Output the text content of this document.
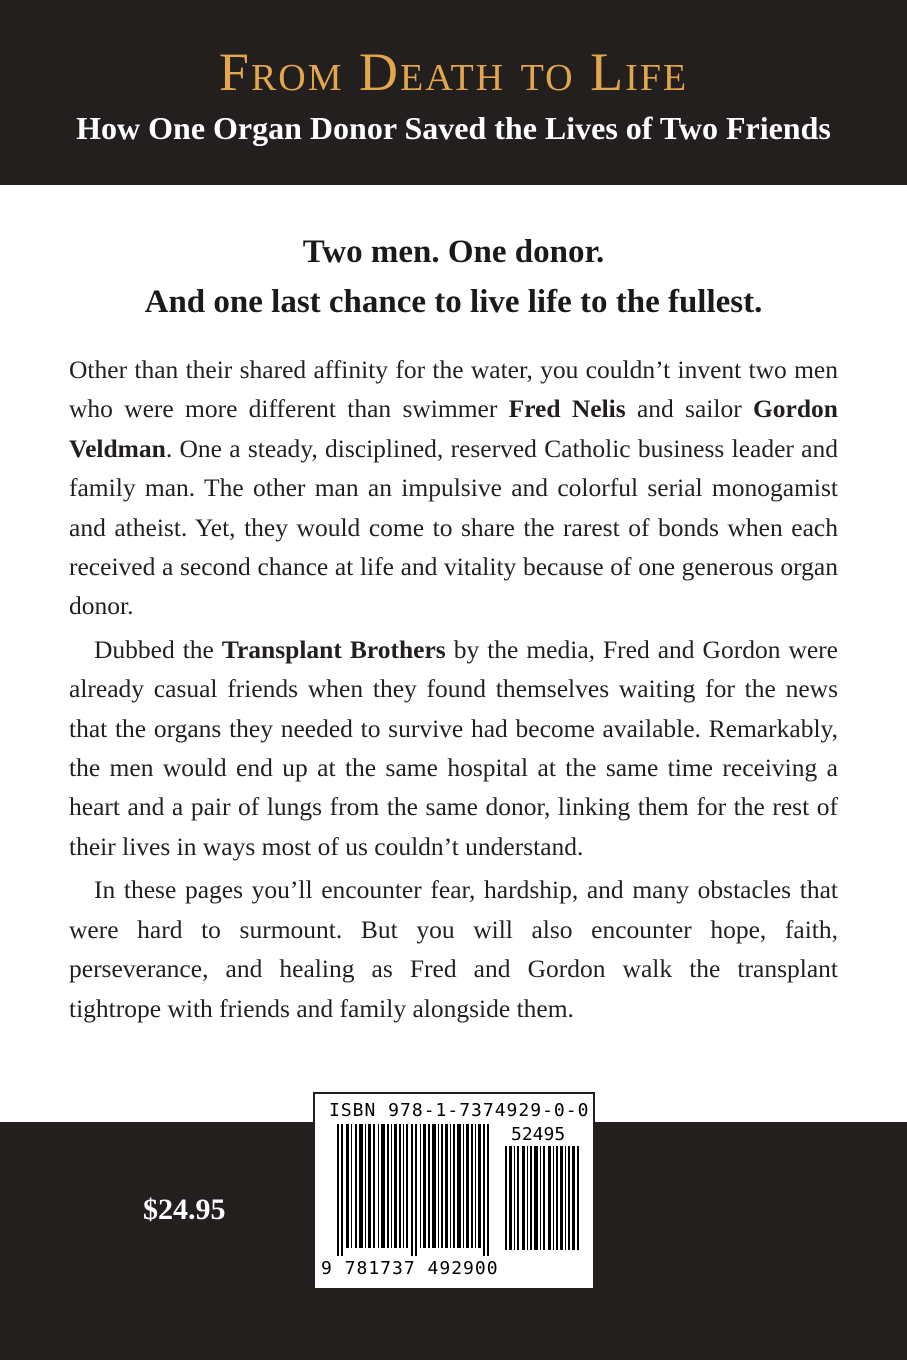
From Death to Life
How One Organ Donor Saved the Lives of Two Friends
Two men. One donor.
And one last chance to live life to the fullest.

Other than their shared affinity for the water, you couldn’t invent two men who were more different than swimmer Fred Nelis and sailor Gordon Veldman. One a steady, disciplined, reserved Catholic business leader and family man. The other man an impulsive and colorful serial monogamist and atheist. Yet, they would come to share the rarest of bonds when each received a second chance at life and vitality because of one generous organ donor.

Dubbed the Transplant Brothers by the media, Fred and Gordon were already casual friends when they found themselves waiting for the news that the organs they needed to survive had become available. Remarkably, the men would end up at the same hospital at the same time receiving a heart and a pair of lungs from the same donor, linking them for the rest of their lives in ways most of us couldn’t understand.

In these pages you’ll encounter fear, hardship, and many obstacles that were hard to surmount. But you will also encounter hope, faith, perseverance, and healing as Fred and Gordon walk the transplant tightrope with friends and family alongside them.

$24.95
ISBN 978-1-7374929-0-0
52495
9 781737 492900
